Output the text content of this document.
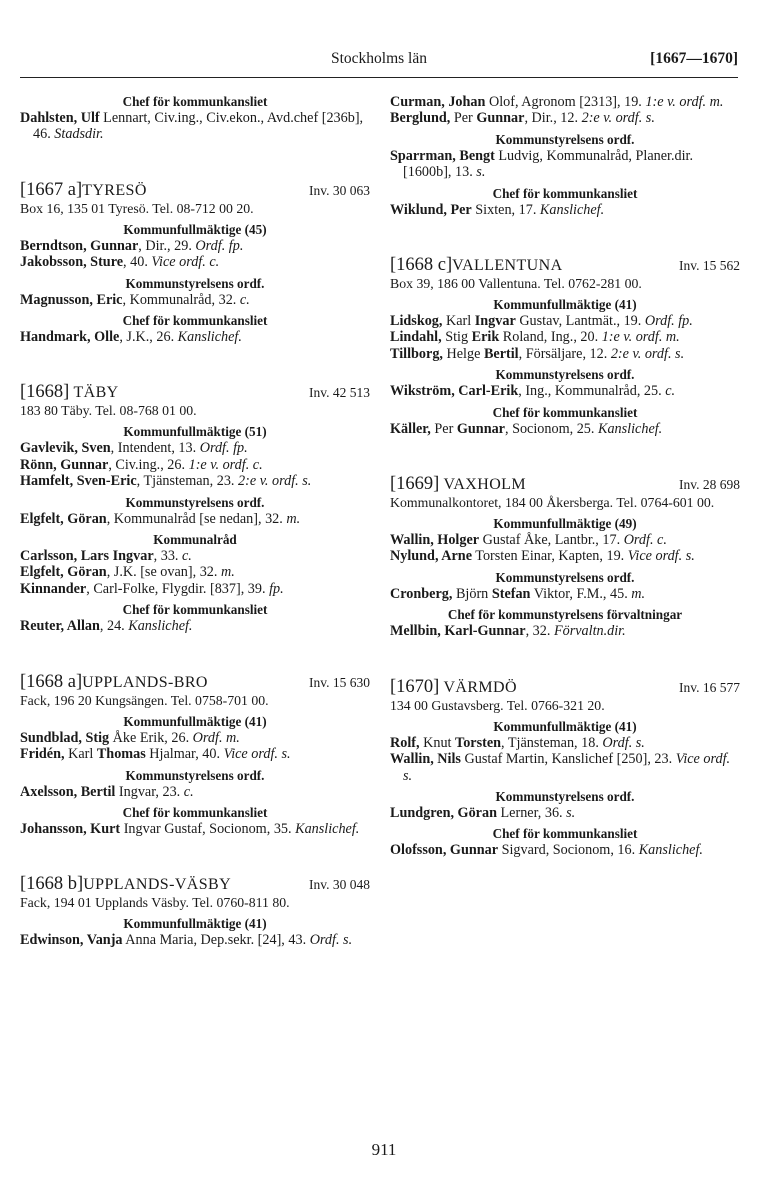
Stockholms län	[1667—1670]
Chef för kommunkansliet
Dahlsten, Ulf Lennart, Civ.ing., Civ.ekon., Avd.chef [236b], 46. Stadsdir.
[1667 a]TYRESÖ	Inv. 30 063
Box 16, 135 01 Tyresö. Tel. 08-712 00 20.
Kommunfullmäktige (45)
Berndtson, Gunnar, Dir., 29. Ordf. fp.
Jakobsson, Sture, 40. Vice ordf. c.
Kommunstyrelsens ordf.
Magnusson, Eric, Kommunalråd, 32. c.
Chef för kommunkansliet
Handmark, Olle, J.K., 26. Kanslichef.
[1668] TÄBY	Inv. 42 513
183 80 Täby. Tel. 08-768 01 00.
Kommunfullmäktige (51)
Gavlevik, Sven, Intendent, 13. Ordf. fp.
Rönn, Gunnar, Civ.ing., 26. 1:e v. ordf. c.
Hamfelt, Sven-Eric, Tjänsteman, 23. 2:e v. ordf. s.
Kommunstyrelsens ordf.
Elgfelt, Göran, Kommunalråd [se nedan], 32. m.
Kommunalråd
Carlsson, Lars Ingvar, 33. c.
Elgfelt, Göran, J.K. [se ovan], 32. m.
Kinnander, Carl-Folke, Flygdir. [837], 39. fp.
Chef för kommunkansliet
Reuter, Allan, 24. Kanslichef.
[1668 a]UPPLANDS-BRO	Inv. 15 630
Fack, 196 20 Kungsängen. Tel. 0758-701 00.
Kommunfullmäktige (41)
Sundblad, Stig Åke Erik, 26. Ordf. m.
Fridén, Karl Thomas Hjalmar, 40. Vice ordf. s.
Kommunstyrelsens ordf.
Axelsson, Bertil Ingvar, 23. c.
Chef för kommunkansliet
Johansson, Kurt Ingvar Gustaf, Socionom, 35. Kanslichef.
[1668 b]UPPLANDS-VÄSBY	Inv. 30 048
Fack, 194 01 Upplands Väsby. Tel. 0760-811 80.
Kommunfullmäktige (41)
Edwinson, Vanja Anna Maria, Dep.sekr. [24], 43. Ordf. s.
Curman, Johan Olof, Agronom [2313], 19. 1:e v. ordf. m.
Berglund, Per Gunnar, Dir., 12. 2:e v. ordf. s.
Kommunstyrelsens ordf.
Sparrman, Bengt Ludvig, Kommunalråd, Planer.dir. [1600b], 13. s.
Chef för kommunkansliet
Wiklund, Per Sixten, 17. Kanslichef.
[1668 c]VALLENTUNA	Inv. 15 562
Box 39, 186 00 Vallentuna. Tel. 0762-281 00.
Kommunfullmäktige (41)
Lidskog, Karl Ingvar Gustav, Lantmät., 19. Ordf. fp.
Lindahl, Stig Erik Roland, Ing., 20. 1:e v. ordf. m.
Tillborg, Helge Bertil, Försäljare, 12. 2:e v. ordf. s.
Kommunstyrelsens ordf.
Wikström, Carl-Erik, Ing., Kommunalråd, 25. c.
Chef för kommunkansliet
Käller, Per Gunnar, Socionom, 25. Kanslichef.
[1669] VAXHOLM	Inv. 28 698
Kommunalkontoret, 184 00 Åkersberga. Tel. 0764-601 00.
Kommunfullmäktige (49)
Wallin, Holger Gustaf Åke, Lantbr., 17. Ordf. c.
Nylund, Arne Torsten Einar, Kapten, 19. Vice ordf. s.
Kommunstyrelsens ordf.
Cronberg, Björn Stefan Viktor, F.M., 45. m.
Chef för kommunstyrelsens förvaltningar
Mellbin, Karl-Gunnar, 32. Förvaltn.dir.
[1670] VÄRMDÖ	Inv. 16 577
134 00 Gustavsberg. Tel. 0766-321 20.
Kommunfullmäktige (41)
Rolf, Knut Torsten, Tjänsteman, 18. Ordf. s.
Wallin, Nils Gustaf Martin, Kanslichef [250], 23. Vice ordf. s.
Kommunstyrelsens ordf.
Lundgren, Göran Lerner, 36. s.
Chef för kommunkansliet
Olofsson, Gunnar Sigvard, Socionom, 16. Kanslichef.
911
